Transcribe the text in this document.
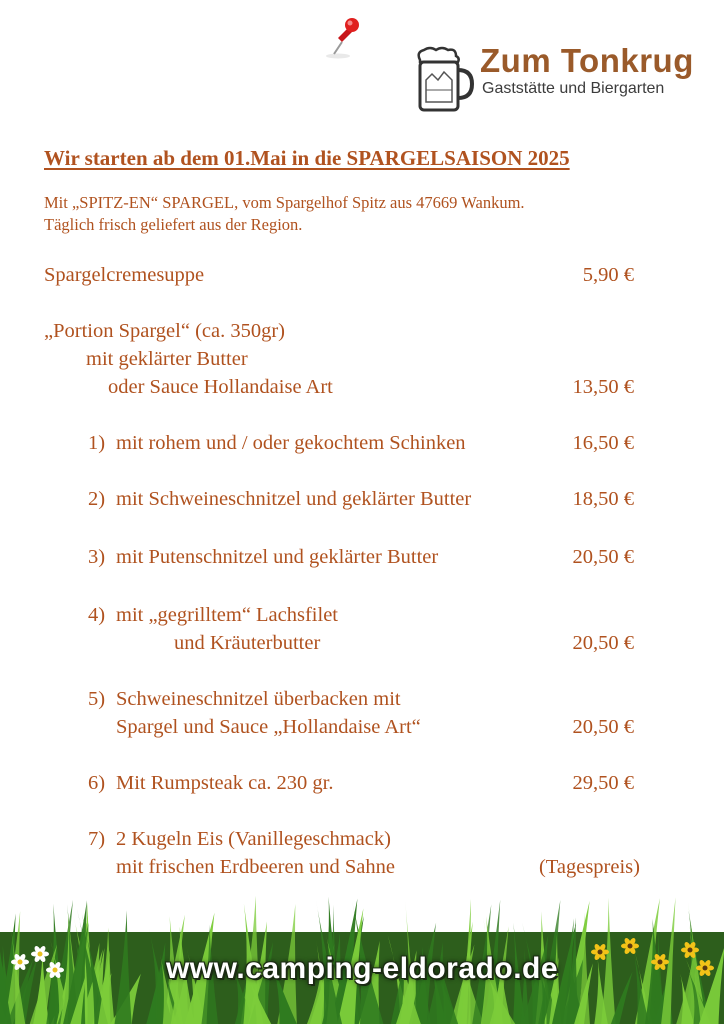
Zum Tonkrug
Gaststätte und Biergarten
Wir starten ab dem 01.Mai in die SPARGELSAISON 2025
Mit „SPITZ-EN“ SPARGEL, vom Spargelhof Spitz aus 47669 Wankum.
Täglich frisch geliefert aus der Region.
Spargelcremesuppe	5,90 €
„Portion Spargel“ (ca. 350gr)
mit geklärter Butter
oder Sauce Hollandaise Art	13,50 €
1) mit rohem und / oder gekochtem Schinken	16,50 €
2) mit Schweineschnitzel und geklärter Butter	18,50 €
3) mit Putenschnitzel und geklärter Butter	20,50 €
4) mit „gegrilltem“ Lachsfilet
und Kräuterbutter	20,50 €
5) Schweineschnitzel überbacken mit
Spargel und Sauce „Hollandaise Art“	20,50 €
6) Mit Rumpsteak ca. 230 gr.	29,50 €
7) 2 Kugeln Eis (Vanillegeschmack)
mit frischen Erdbeeren und Sahne	(Tagespreis)
www.camping-eldorado.de
